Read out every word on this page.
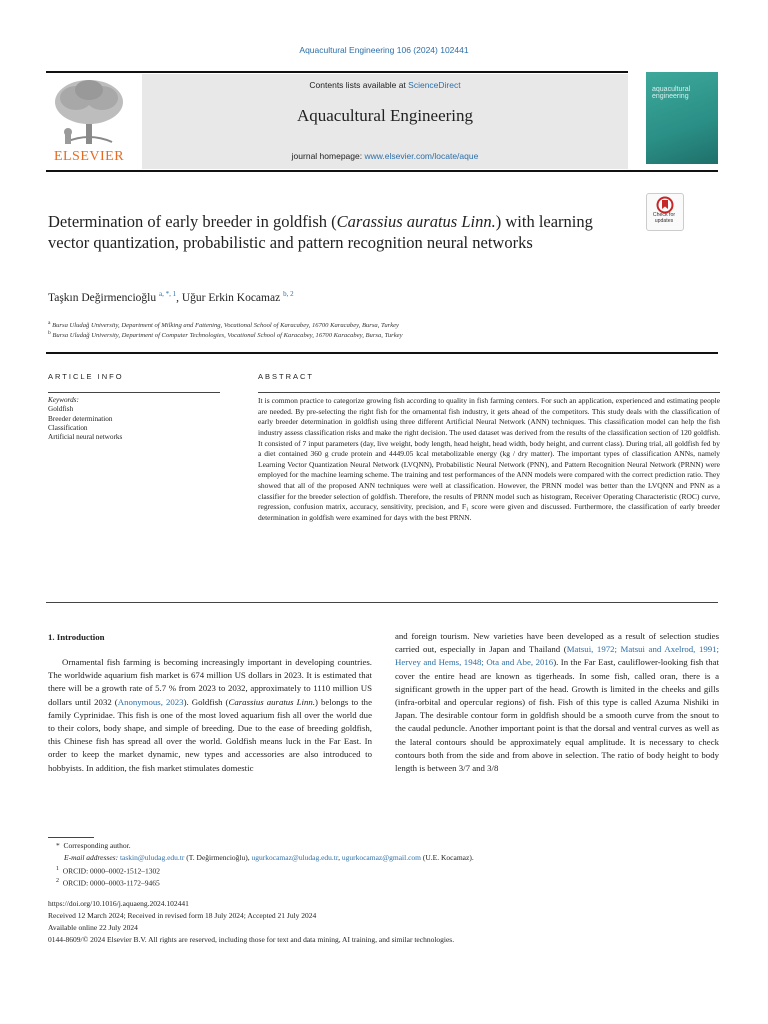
Aquacultural Engineering 106 (2024) 102441
ELSEVIER
Contents lists available at ScienceDirect
Aquacultural Engineering
journal homepage: www.elsevier.com/locate/aque
aquacultural engineering
Check for updates
Determination of early breeder in goldfish (Carassius auratus Linn.) with learning vector quantization, probabilistic and pattern recognition neural networks
Taşkın Değirmencioğlu $^{a, *, 1}$, Uğur Erkin Kocamaz $^{b, 2}$
$^a$ Bursa Uludağ University, Department of Milking and Fattening, Vocational School of Karacabey, 16700 Karacabey, Bursa, Turkey
$^b$ Bursa Uludağ University, Department of Computer Technologies, Vocational School of Karacabey, 16700 Karacabey, Bursa, Turkey
ARTICLE INFO
Keywords:
Goldfish
Breeder determination
Classification
Artificial neural networks
ABSTRACT
It is common practice to categorize growing fish according to quality in fish farming centers. For such an application, experienced and estimating people are needed. By pre-selecting the right fish for the ornamental fish industry, it gets ahead of the competitors. This study deals with the classification of early breeder determination in goldfish using three different Artificial Neural Network (ANN) techniques. This classification model can help the fish industry assess classification risks and make the right decision. The used dataset was derived from the results of the classification section of 120 goldfish. It consisted of 7 input parameters (day, live weight, body length, head height, head width, body height, and current class). During trial, all goldfish fed by a diet contained 360 g crude protein and 4449.05 kcal metabolizable energy (kg / dry matter). The important types of classification ANNs, namely Learning Vector Quantization Neural Network (LVQNN), Probabilistic Neural Network (PNN), and Pattern Recognition Neural Network (PRNN) were employed for the machine learning scheme. The training and test performances of the ANN models were compared with the correct prediction ratio. They showed that all of the proposed ANN techniques were well at classification. However, the PRNN model was better than the LVQNN and PNN as a classifier for the breeder selection of goldfish. Therefore, the results of PRNN model such as histogram, Receiver Operating Characteristic (ROC) curve, regression, confusion matrix, accuracy, sensitivity, precision, and F₁ score were given and discussed. Furthermore, the classification of early breeder determination in goldfish were examined for days with the best PRNN.
1. Introduction
Ornamental fish farming is becoming increasingly important in developing countries. The worldwide aquarium fish market is 674 million US dollars in 2023. It is estimated that there will be a growth rate of 5.7 % from 2023 to 2032, approximately to 1110 million US dollars until 2032 (Anonymous, 2023). Goldfish (Carassius auratus Linn.) belongs to the family Cyprinidae. This fish is one of the most loved aquarium fish all over the world due to their colors, body shape, and simple of breeding. Due to the ease of breeding goldfish, this Chinese fish has spread all over the world. Goldfish means luck in the Far East. In order to keep the market dynamic, new types and accessories are also introduced to hobbyists. In addition, the fish market stimulates domestic
and foreign tourism. New varieties have been developed as a result of selection studies carried out, especially in Japan and Thailand (Matsui, 1972; Matsui and Axelrod, 1991; Hervey and Hems, 1948; Ota and Abe, 2016). In the Far East, cauliflower-looking fish that cover the entire head are known as tigerheads. In some fish, called oran, there is a significant growth in the upper part of the head. Growth is limited in the cheeks and gills (infra-orbital and opercular regions) of fish. Fish of this type is called Azuma Nishiki in Japan. The desirable contour form in goldfish should be a smooth curve from the snout to the caudal peduncle. Another important point is that the dorsal and ventral curves as well as the lateral contours should be approximately equal amplitude. It is necessary to check contours both from the side and from above in selection. The ratio of body height to body length is between 3/7 and 3/8
* Corresponding author.
E-mail addresses: taskin@uludag.edu.tr (T. Değirmencioğlu), ugurkocamaz@uludag.edu.tr, ugurkocamaz@gmail.com (U.E. Kocamaz).
$^1$ ORCID: 0000–0002-1512–1302
$^2$ ORCID: 0000–0003-1172–9465
https://doi.org/10.1016/j.aquaeng.2024.102441
Received 12 March 2024; Received in revised form 18 July 2024; Accepted 21 July 2024
Available online 22 July 2024
0144-8609/© 2024 Elsevier B.V. All rights are reserved, including those for text and data mining, AI training, and similar technologies.
